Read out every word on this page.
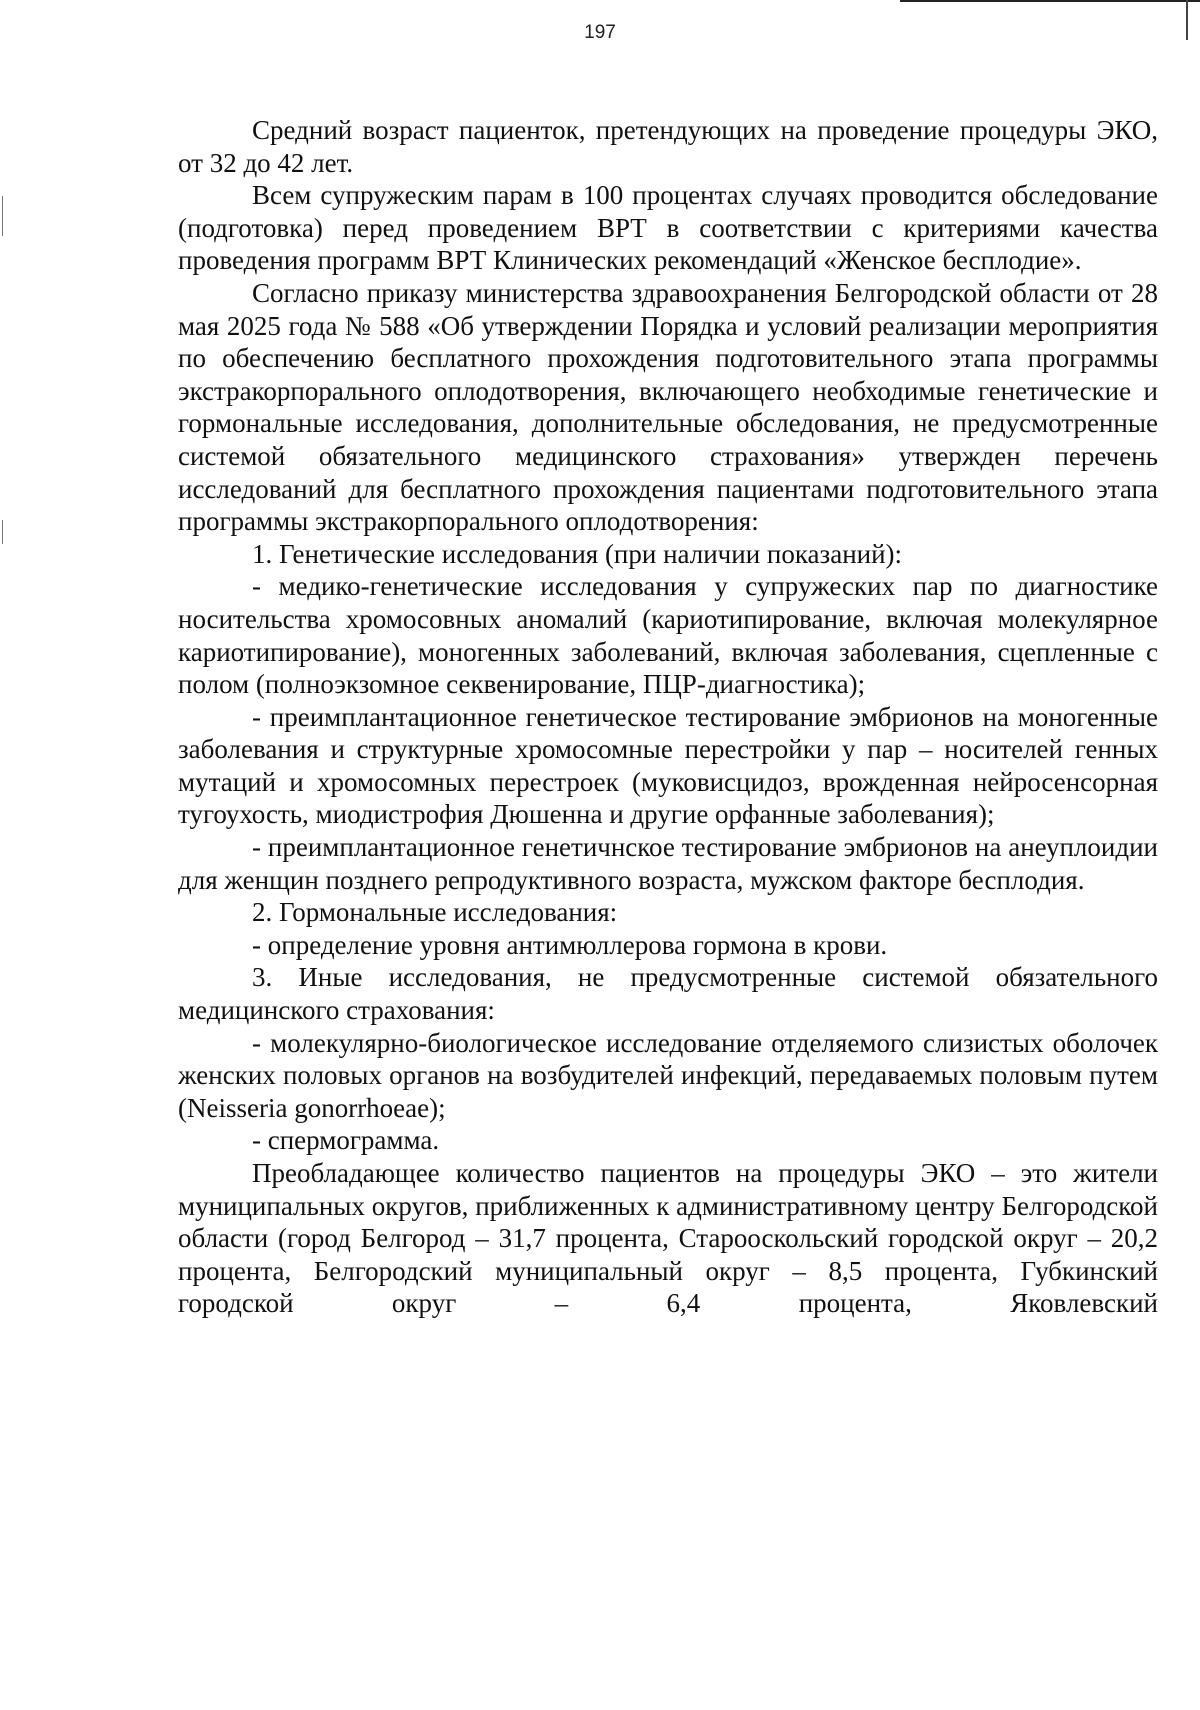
197

Средний возраст пациенток, претендующих на проведение процедуры ЭКО, от 32 до 42 лет.

Всем супружеским парам в 100 процентах случаях проводится обследование (подготовка) перед проведением ВРТ в соответствии с критериями качества проведения программ ВРТ Клинических рекомендаций «Женское бесплодие».

Согласно приказу министерства здравоохранения Белгородской области от 28 мая 2025 года № 588 «Об утверждении Порядка и условий реализации мероприятия по обеспечению бесплатного прохождения подготовительного этапа программы экстракорпорального оплодотворения, включающего необходимые генетические и гормональные исследования, дополнительные обследования, не предусмотренные системой обязательного медицинского страхования» утвержден перечень исследований для бесплатного прохождения пациентами подготовительного этапа программы экстракорпорального оплодотворения:

1. Генетические исследования (при наличии показаний):

- медико-генетические исследования у супружеских пар по диагностике носительства хромосовных аномалий (кариотипирование, включая молекулярное кариотипирование), моногенных заболеваний, включая заболевания, сцепленные с полом (полноэкзомное секвенирование, ПЦР-диагностика);

- преимплантационное генетическое тестирование эмбрионов на моногенные заболевания и структурные хромосомные перестройки у пар – носителей генных мутаций и хромосомных перестроек (муковисцидоз, врожденная нейросенсорная тугоухость, миодистрофия Дюшенна и другие орфанные заболевания);

- преимплантационное генетичнское тестирование эмбрионов на анеуплоидии для женщин позднего репродуктивного возраста, мужском факторе бесплодия.

2. Гормональные исследования:

- определение уровня антимюллерова гормона в крови.

3. Иные исследования, не предусмотренные системой обязательного медицинского страхования:

- молекулярно-биологическое исследование отделяемого слизистых оболочек женских половых органов на возбудителей инфекций, передаваемых половым путем (Neisseria gonorrhoeae);

- спермограмма.

Преобладающее количество пациентов на процедуры ЭКО – это жители муниципальных округов, приближенных к административному центру Белгородской области (город Белгород – 31,7 процента, Старооскольский городской округ – 20,2 процента, Белгородский муниципальный округ – 8,5 процента, Губкинский городской округ – 6,4 процента, Яковлевский
